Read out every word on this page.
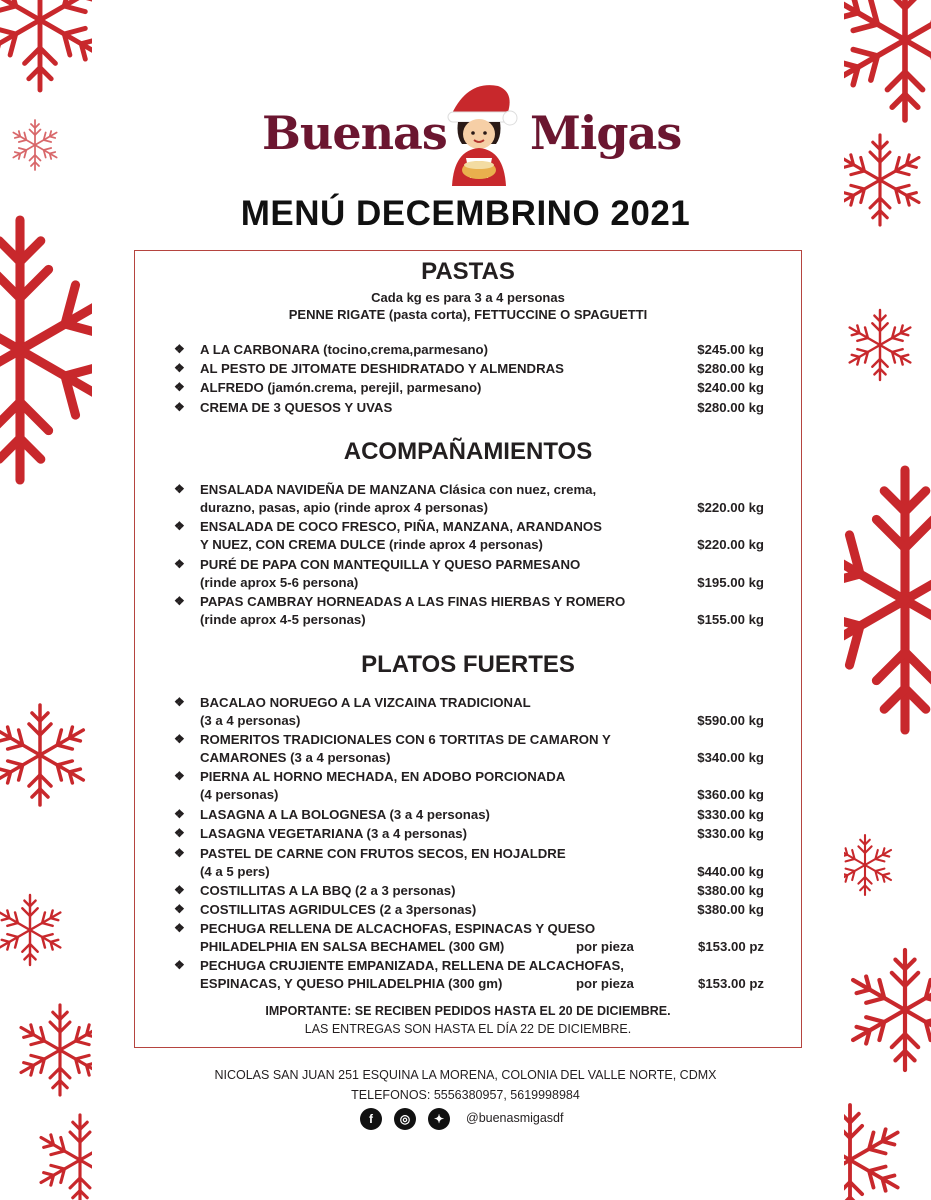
Buenas Migas
MENÚ DECEMBRINO 2021
PASTAS
Cada kg es para 3 a 4 personas
PENNE RIGATE (pasta corta), FETTUCCINE O SPAGUETTI
❖ A LA CARBONARA (tocino,crema,parmesano)	$245.00 kg
❖ AL PESTO DE JITOMATE DESHIDRATADO Y ALMENDRAS	$280.00 kg
❖ ALFREDO (jamón.crema, perejil, parmesano)	$240.00 kg
❖ CREMA DE 3 QUESOS Y UVAS	$280.00 kg
ACOMPAÑAMIENTOS
❖ ENSALADA NAVIDEÑA DE MANZANA Clásica con nuez, crema,
durazno, pasas, apio (rinde aprox 4 personas)	$220.00 kg
❖ ENSALADA DE COCO FRESCO, PIÑA, MANZANA, ARANDANOS
Y NUEZ, CON CREMA DULCE (rinde aprox 4 personas)	$220.00 kg
❖ PURÉ DE PAPA CON MANTEQUILLA Y QUESO PARMESANO
(rinde aprox 5-6 persona)	$195.00 kg
❖ PAPAS CAMBRAY HORNEADAS A LAS FINAS HIERBAS Y ROMERO
(rinde aprox 4-5 personas)	$155.00 kg
PLATOS FUERTES
❖ BACALAO NORUEGO A LA VIZCAINA TRADICIONAL
(3 a 4 personas)	$590.00 kg
❖ ROMERITOS TRADICIONALES CON 6 TORTITAS DE CAMARON Y
CAMARONES (3 a 4 personas)	$340.00 kg
❖ PIERNA AL HORNO MECHADA, EN ADOBO PORCIONADA
(4 personas)	$360.00 kg
❖ LASAGNA A LA BOLOGNESA (3 a 4 personas)	$330.00 kg
❖ LASAGNA VEGETARIANA (3 a 4 personas)	$330.00 kg
❖ PASTEL DE CARNE CON FRUTOS SECOS, EN HOJALDRE
(4 a 5 pers)	$440.00 kg
❖ COSTILLITAS A LA BBQ (2 a 3 personas)	$380.00 kg
❖ COSTILLITAS AGRIDULCES (2 a 3personas)	$380.00 kg
❖ PECHUGA RELLENA DE ALCACHOFAS, ESPINACAS Y QUESO
PHILADELPHIA EN SALSA BECHAMEL (300 GM)	por pieza	$153.00 pz
❖ PECHUGA CRUJIENTE EMPANIZADA, RELLENA DE ALCACHOFAS,
ESPINACAS, Y QUESO PHILADELPHIA (300 gm)	por pieza	$153.00 pz
IMPORTANTE: SE RECIBEN PEDIDOS HASTA EL 20 DE DICIEMBRE.
LAS ENTREGAS SON HASTA EL DÍA 22 DE DICIEMBRE.
NICOLAS SAN JUAN 251 ESQUINA LA MORENA, COLONIA DEL VALLE NORTE, CDMX
TELEFONOS: 5556380957, 5619998984
f	◎	✦	@buenasmigasdf
